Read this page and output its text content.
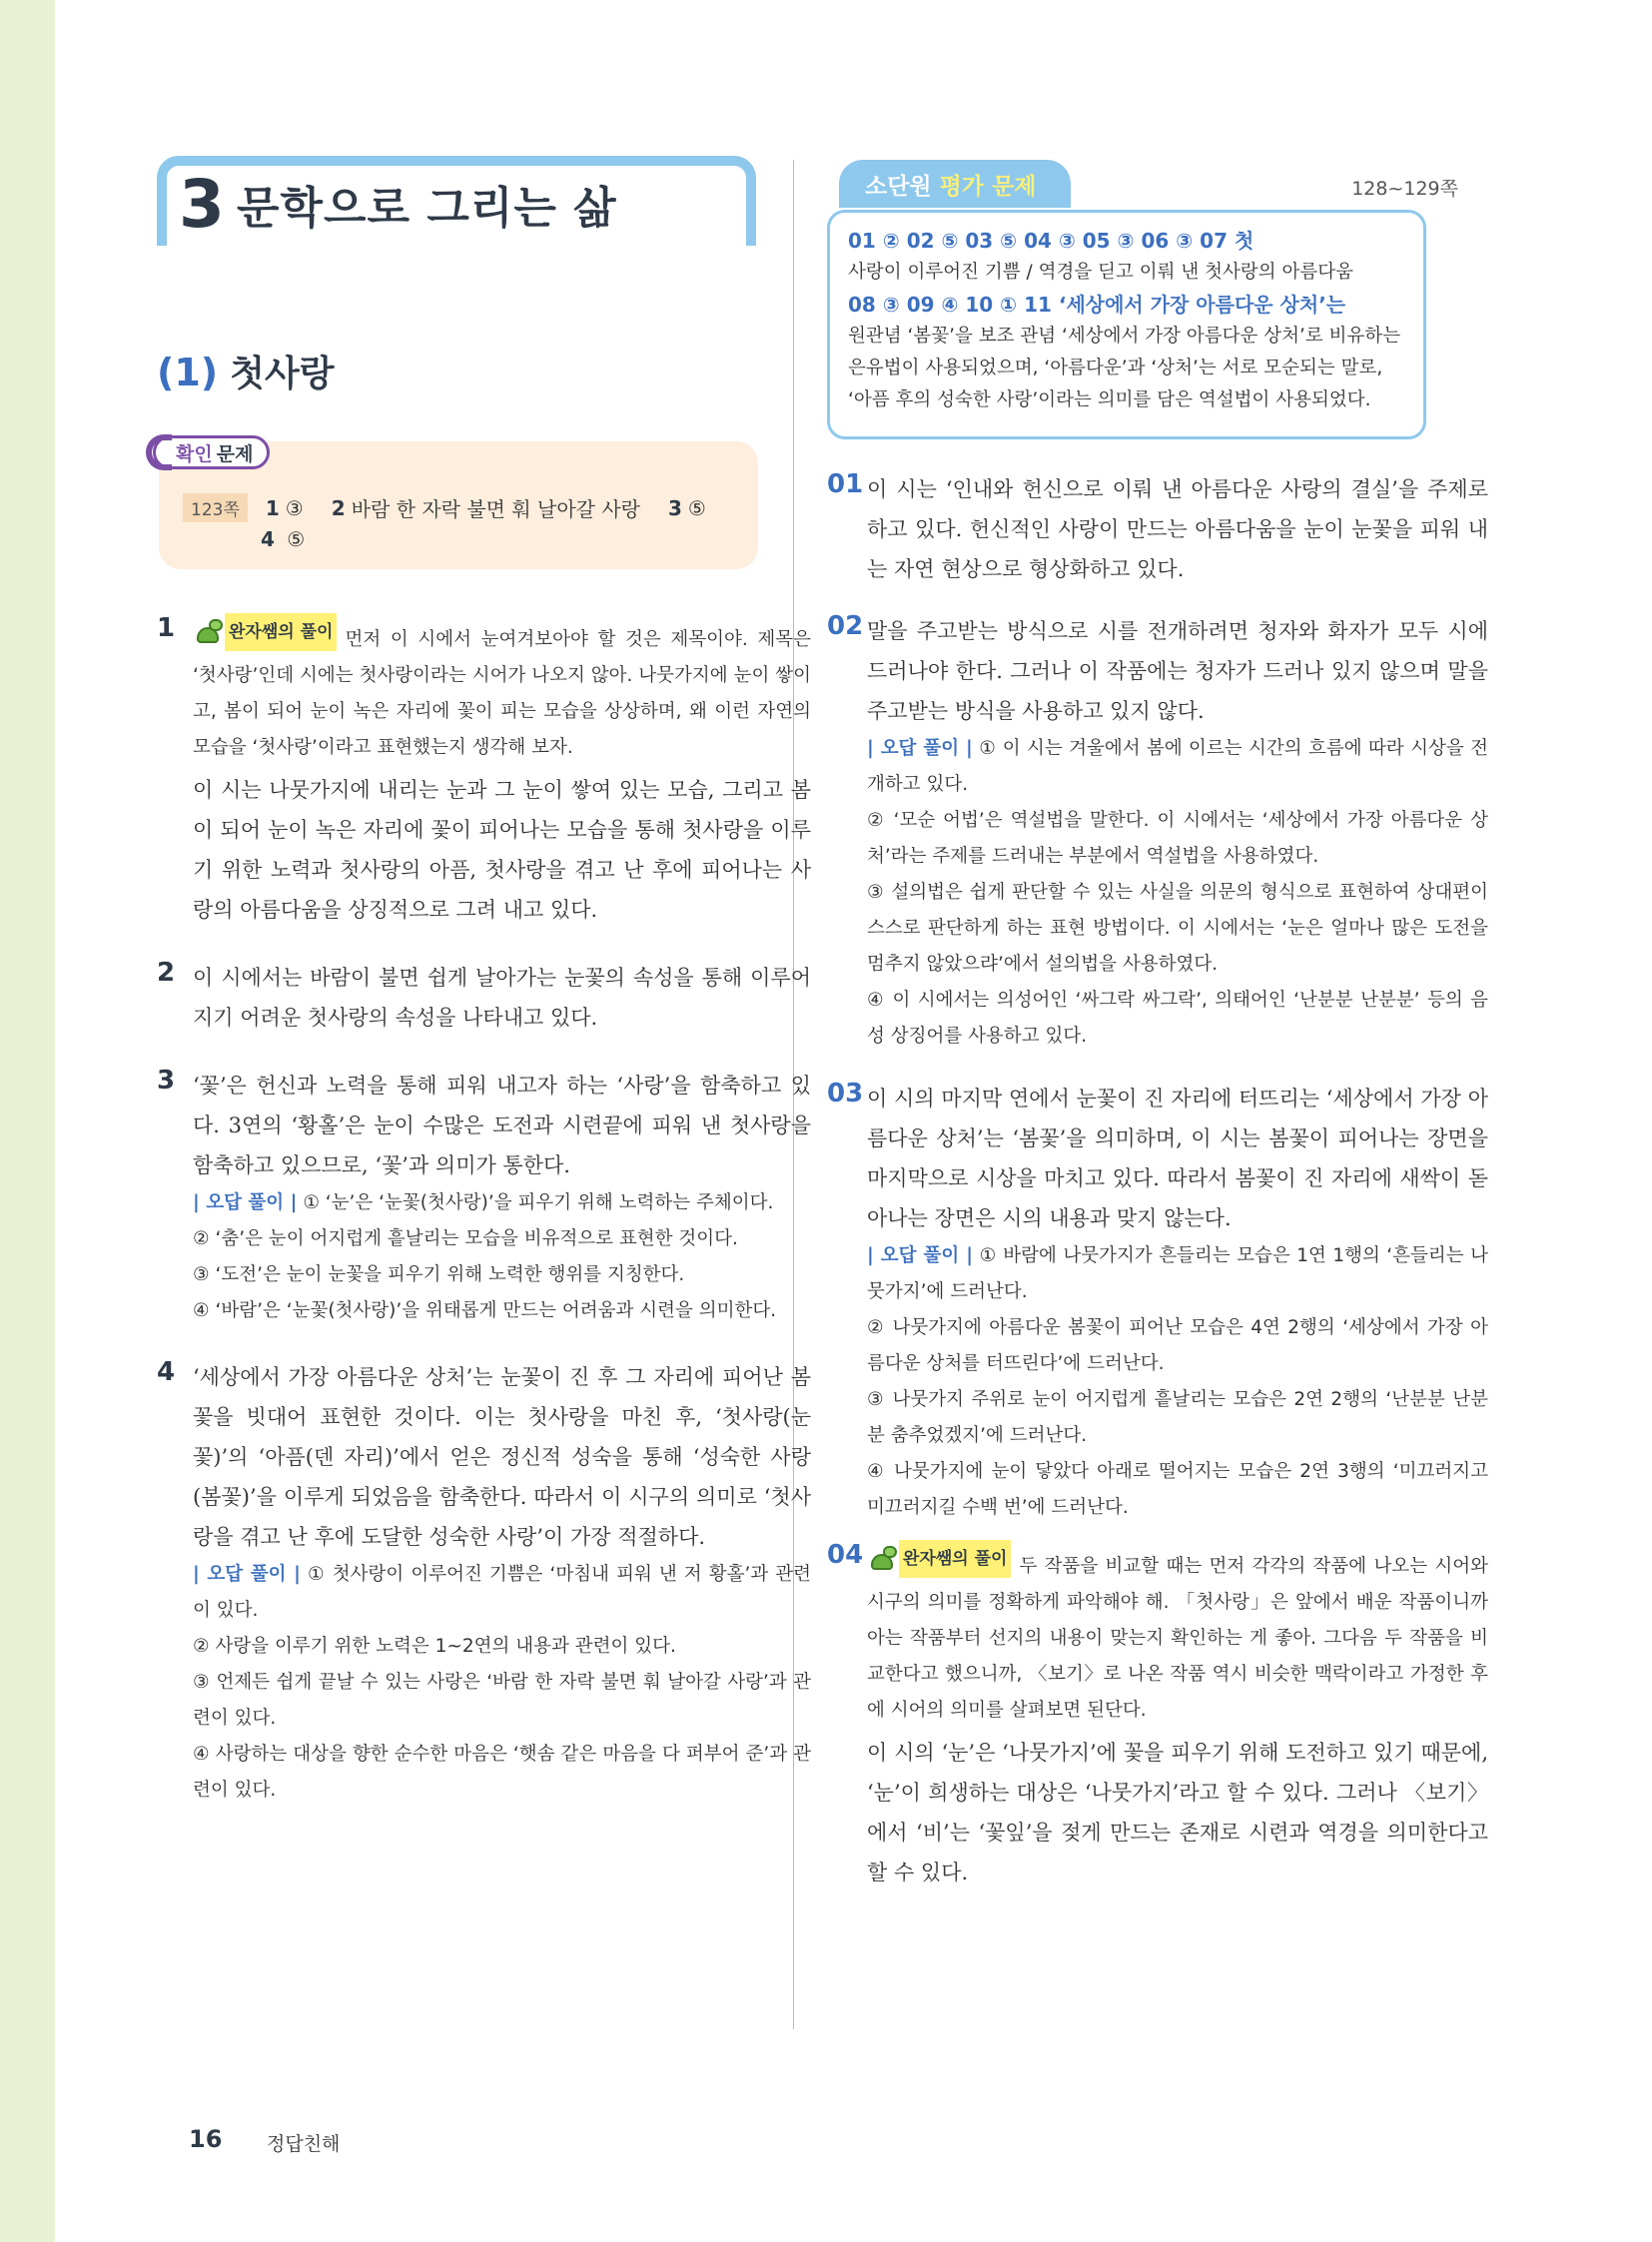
3 문학으로 그리는 삶
(1) 첫사랑
확인 문제
123쪽	1 ③ 2 바람 한 자락 불면 훠 날아갈 사랑 3 ⑤
4 ⑤
1	완자쌤의 풀이 먼저 이 시에서 눈여겨보아야 할 것은 제목이야. 제목은 ‘첫사랑’인데 시에는 첫사랑이라는 시어가 나오지 않아. 나뭇가지에 눈이 쌓이고, 봄이 되어 눈이 녹은 자리에 꽃이 피는 모습을 상상하며, 왜 이런 자연의 모습을 ‘첫사랑’이라고 표현했는지 생각해 보자.
이 시는 나뭇가지에 내리는 눈과 그 눈이 쌓여 있는 모습, 그리고 봄이 되어 눈이 녹은 자리에 꽃이 피어나는 모습을 통해 첫사랑을 이루기 위한 노력과 첫사랑의 아픔, 첫사랑을 겪고 난 후에 피어나는 사랑의 아름다움을 상징적으로 그려 내고 있다.
2 이 시에서는 바람이 불면 쉽게 날아가는 눈꽃의 속성을 통해 이루어지기 어려운 첫사랑의 속성을 나타내고 있다.
3 ‘꽃’은 헌신과 노력을 통해 피워 내고자 하는 ‘사랑’을 함축하고 있다. 3연의 ‘황홀’은 눈이 수많은 도전과 시련끝에 피워 낸 첫사랑을 함축하고 있으므로, ‘꽃’과 의미가 통한다.
| 오답 풀이 | ① ‘눈’은 ‘눈꽃(첫사랑)’을 피우기 위해 노력하는 주체이다.
② ‘춤’은 눈이 어지럽게 흩날리는 모습을 비유적으로 표현한 것이다.
③ ‘도전’은 눈이 눈꽃을 피우기 위해 노력한 행위를 지칭한다.
④ ‘바람’은 ‘눈꽃(첫사랑)’을 위태롭게 만드는 어려움과 시련을 의미한다.
4 ‘세상에서 가장 아름다운 상처’는 눈꽃이 진 후 그 자리에 피어난 봄꽃을 빗대어 표현한 것이다. 이는 첫사랑을 마친 후, ‘첫사랑(눈꽃)’의 ‘아픔(덴 자리)’에서 얻은 정신적 성숙을 통해 ‘성숙한 사랑(봄꽃)’을 이루게 되었음을 함축한다. 따라서 이 시구의 의미로 ‘첫사랑을 겪고 난 후에 도달한 성숙한 사랑’이 가장 적절하다.
| 오답 풀이 | ① 첫사랑이 이루어진 기쁨은 ‘마침내 피워 낸 저 황홀’과 관련이 있다.
② 사랑을 이루기 위한 노력은 1~2연의 내용과 관련이 있다.
③ 언제든 쉽게 끝날 수 있는 사랑은 ‘바람 한 자락 불면 훠 날아갈 사랑’과 관련이 있다.
④ 사랑하는 대상을 향한 순수한 마음은 ‘햇솜 같은 마음을 다 퍼부어 준’과 관련이 있다.
소단원 평가 문제	128~129쪽
01 ② 02 ⑤ 03 ⑤ 04 ③ 05 ③ 06 ③ 07 첫
사랑이 이루어진 기쁨 / 역경을 딛고 이뤄 낸 첫사랑의 아름다움
08 ③ 09 ④ 10 ① 11 ‘세상에서 가장 아름다운 상처’는
원관념 ‘봄꽃’을 보조 관념 ‘세상에서 가장 아름다운 상처’로 비유하는
은유법이 사용되었으며, ‘아름다운’과 ‘상처’는 서로 모순되는 말로,
‘아픔 후의 성숙한 사랑’이라는 의미를 담은 역설법이 사용되었다.
01 이 시는 ‘인내와 헌신으로 이뤄 낸 아름다운 사랑의 결실’을 주제로 하고 있다. 헌신적인 사랑이 만드는 아름다움을 눈이 눈꽃을 피워 내는 자연 현상으로 형상화하고 있다.
02 말을 주고받는 방식으로 시를 전개하려면 청자와 화자가 모두 시에 드러나야 한다. 그러나 이 작품에는 청자가 드러나 있지 않으며 말을 주고받는 방식을 사용하고 있지 않다.
| 오답 풀이 | ① 이 시는 겨울에서 봄에 이르는 시간의 흐름에 따라 시상을 전개하고 있다.
② ‘모순 어법’은 역설법을 말한다. 이 시에서는 ‘세상에서 가장 아름다운 상처’라는 주제를 드러내는 부분에서 역설법을 사용하였다.
③ 설의법은 쉽게 판단할 수 있는 사실을 의문의 형식으로 표현하여 상대편이 스스로 판단하게 하는 표현 방법이다. 이 시에서는 ‘눈은 얼마나 많은 도전을 멈추지 않았으랴’에서 설의법을 사용하였다.
④ 이 시에서는 의성어인 ‘싸그락 싸그락’, 의태어인 ‘난분분 난분분’ 등의 음성 상징어를 사용하고 있다.
03 이 시의 마지막 연에서 눈꽃이 진 자리에 터뜨리는 ‘세상에서 가장 아름다운 상처’는 ‘봄꽃’을 의미하며, 이 시는 봄꽃이 피어나는 장면을 마지막으로 시상을 마치고 있다. 따라서 봄꽃이 진 자리에 새싹이 돋아나는 장면은 시의 내용과 맞지 않는다.
| 오답 풀이 | ① 바람에 나뭇가지가 흔들리는 모습은 1연 1행의 ‘흔들리는 나뭇가지’에 드러난다.
② 나뭇가지에 아름다운 봄꽃이 피어난 모습은 4연 2행의 ‘세상에서 가장 아름다운 상처를 터뜨린다’에 드러난다.
③ 나뭇가지 주위로 눈이 어지럽게 흩날리는 모습은 2연 2행의 ‘난분분 난분분 춤추었겠지’에 드러난다.
④ 나뭇가지에 눈이 닿았다 아래로 떨어지는 모습은 2연 3행의 ‘미끄러지고 미끄러지길 수백 번’에 드러난다.
04 완자쌤의 풀이 두 작품을 비교할 때는 먼저 각각의 작품에 나오는 시어와 시구의 의미를 정확하게 파악해야 해. 「첫사랑」은 앞에서 배운 작품이니까 아는 작품부터 선지의 내용이 맞는지 확인하는 게 좋아. 그다음 두 작품을 비교한다고 했으니까, 〈보기〉로 나온 작품 역시 비슷한 맥락이라고 가정한 후에 시어의 의미를 살펴보면 된단다.
이 시의 ‘눈’은 ‘나뭇가지’에 꽃을 피우기 위해 도전하고 있기 때문에, ‘눈’이 희생하는 대상은 ‘나뭇가지’라고 할 수 있다. 그러나 〈보기〉에서 ‘비’는 ‘꽃잎’을 젖게 만드는 존재로 시련과 역경을 의미한다고 할 수 있다.
16 정답친해
